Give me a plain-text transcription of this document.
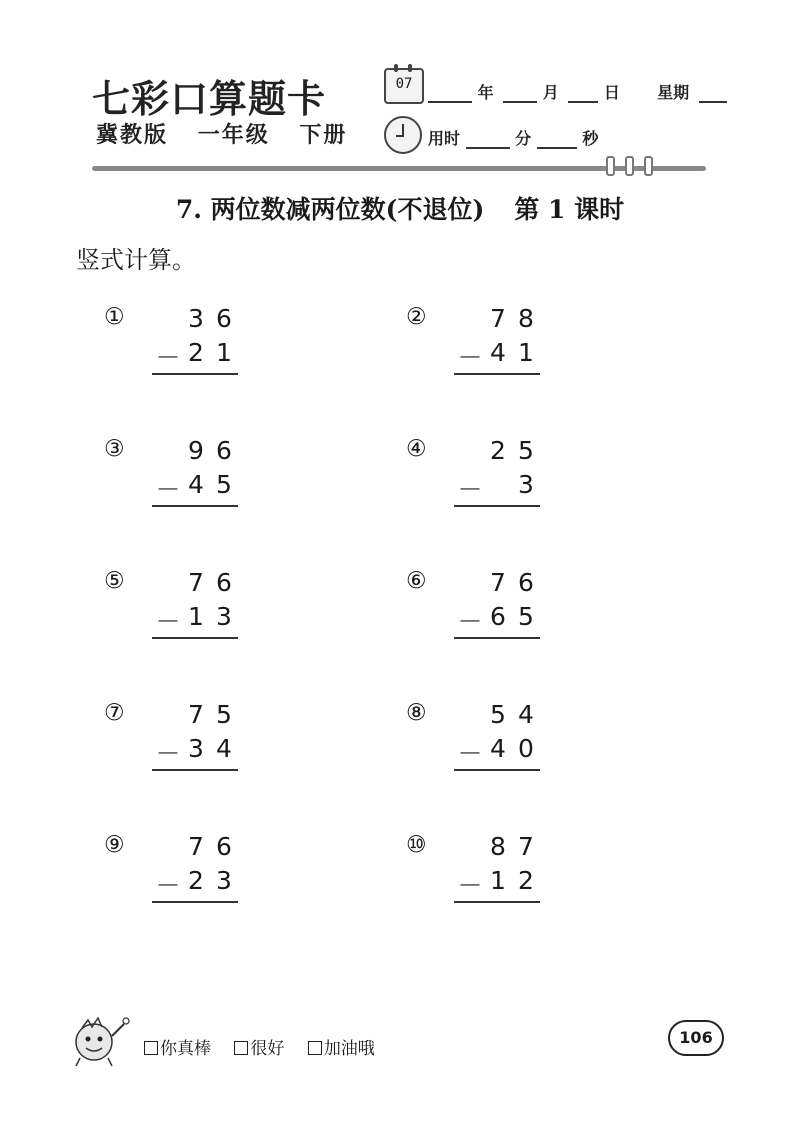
七彩口算题卡
冀教版 一年级 下册
07	年	月	日 星期
用时	分	秒
7. 两位数减两位数(不退位) 第 1 课时
竖式计算。
①	3 6
－ 2 1
②	7 8
－ 4 1
③	9 6
－ 4 5
④	2 5
－ 3
⑤	7 6
－ 1 3
⑥	7 6
－ 6 5
⑦	7 5
－ 3 4
⑧	5 4
－ 4 0
⑨	7 6
－ 2 3
⑩	8 7
－ 1 2
你真棒 很好 加油哦
106
